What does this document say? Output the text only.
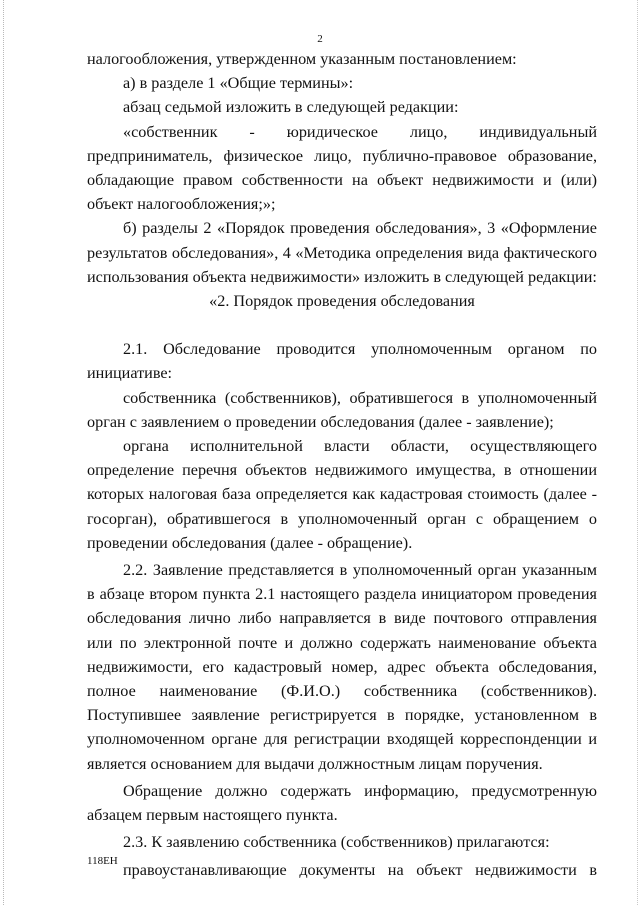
2

налогообложения, утвержденном указанным постановлением:

а) в разделе 1 «Общие термины»:

абзац седьмой изложить в следующей редакции:

«собственник - юридическое лицо, индивидуальный предприниматель, физическое лицо, публично-правовое образование, обладающие правом собственности на объект недвижимости и (или) объект налогообложения;»;

б) разделы 2 «Порядок проведения обследования», 3 «Оформление результатов обследования», 4 «Методика определения вида фактического использования объекта недвижимости» изложить в следующей редакции:

«2. Порядок проведения обследования

2.1. Обследование проводится уполномоченным органом по инициативе:

собственника (собственников), обратившегося в уполномоченный орган с заявлением о проведении обследования (далее - заявление);

органа исполнительной власти области, осуществляющего определение перечня объектов недвижимого имущества, в отношении которых налоговая база определяется как кадастровая стоимость (далее - госорган), обратившегося в уполномоченный орган с обращением о проведении обследования (далее - обращение).

2.2. Заявление представляется в уполномоченный орган указанным в абзаце втором пункта 2.1 настоящего раздела инициатором проведения обследования лично либо направляется в виде почтового отправления или по электронной почте и должно содержать наименование объекта недвижимости, его кадастровый номер, адрес объекта обследования, полное наименование (Ф.И.О.) собственника (собственников). Поступившее заявление регистрируется в порядке, установленном в уполномоченном органе для регистрации входящей корреспонденции и является основанием для выдачи должностным лицам поручения.

Обращение должно содержать информацию, предусмотренную абзацем первым настоящего пункта.

2.3. К заявлению собственника (собственников) прилагаются:

правоустанавливающие документы на объект недвижимости в

118ЕН
